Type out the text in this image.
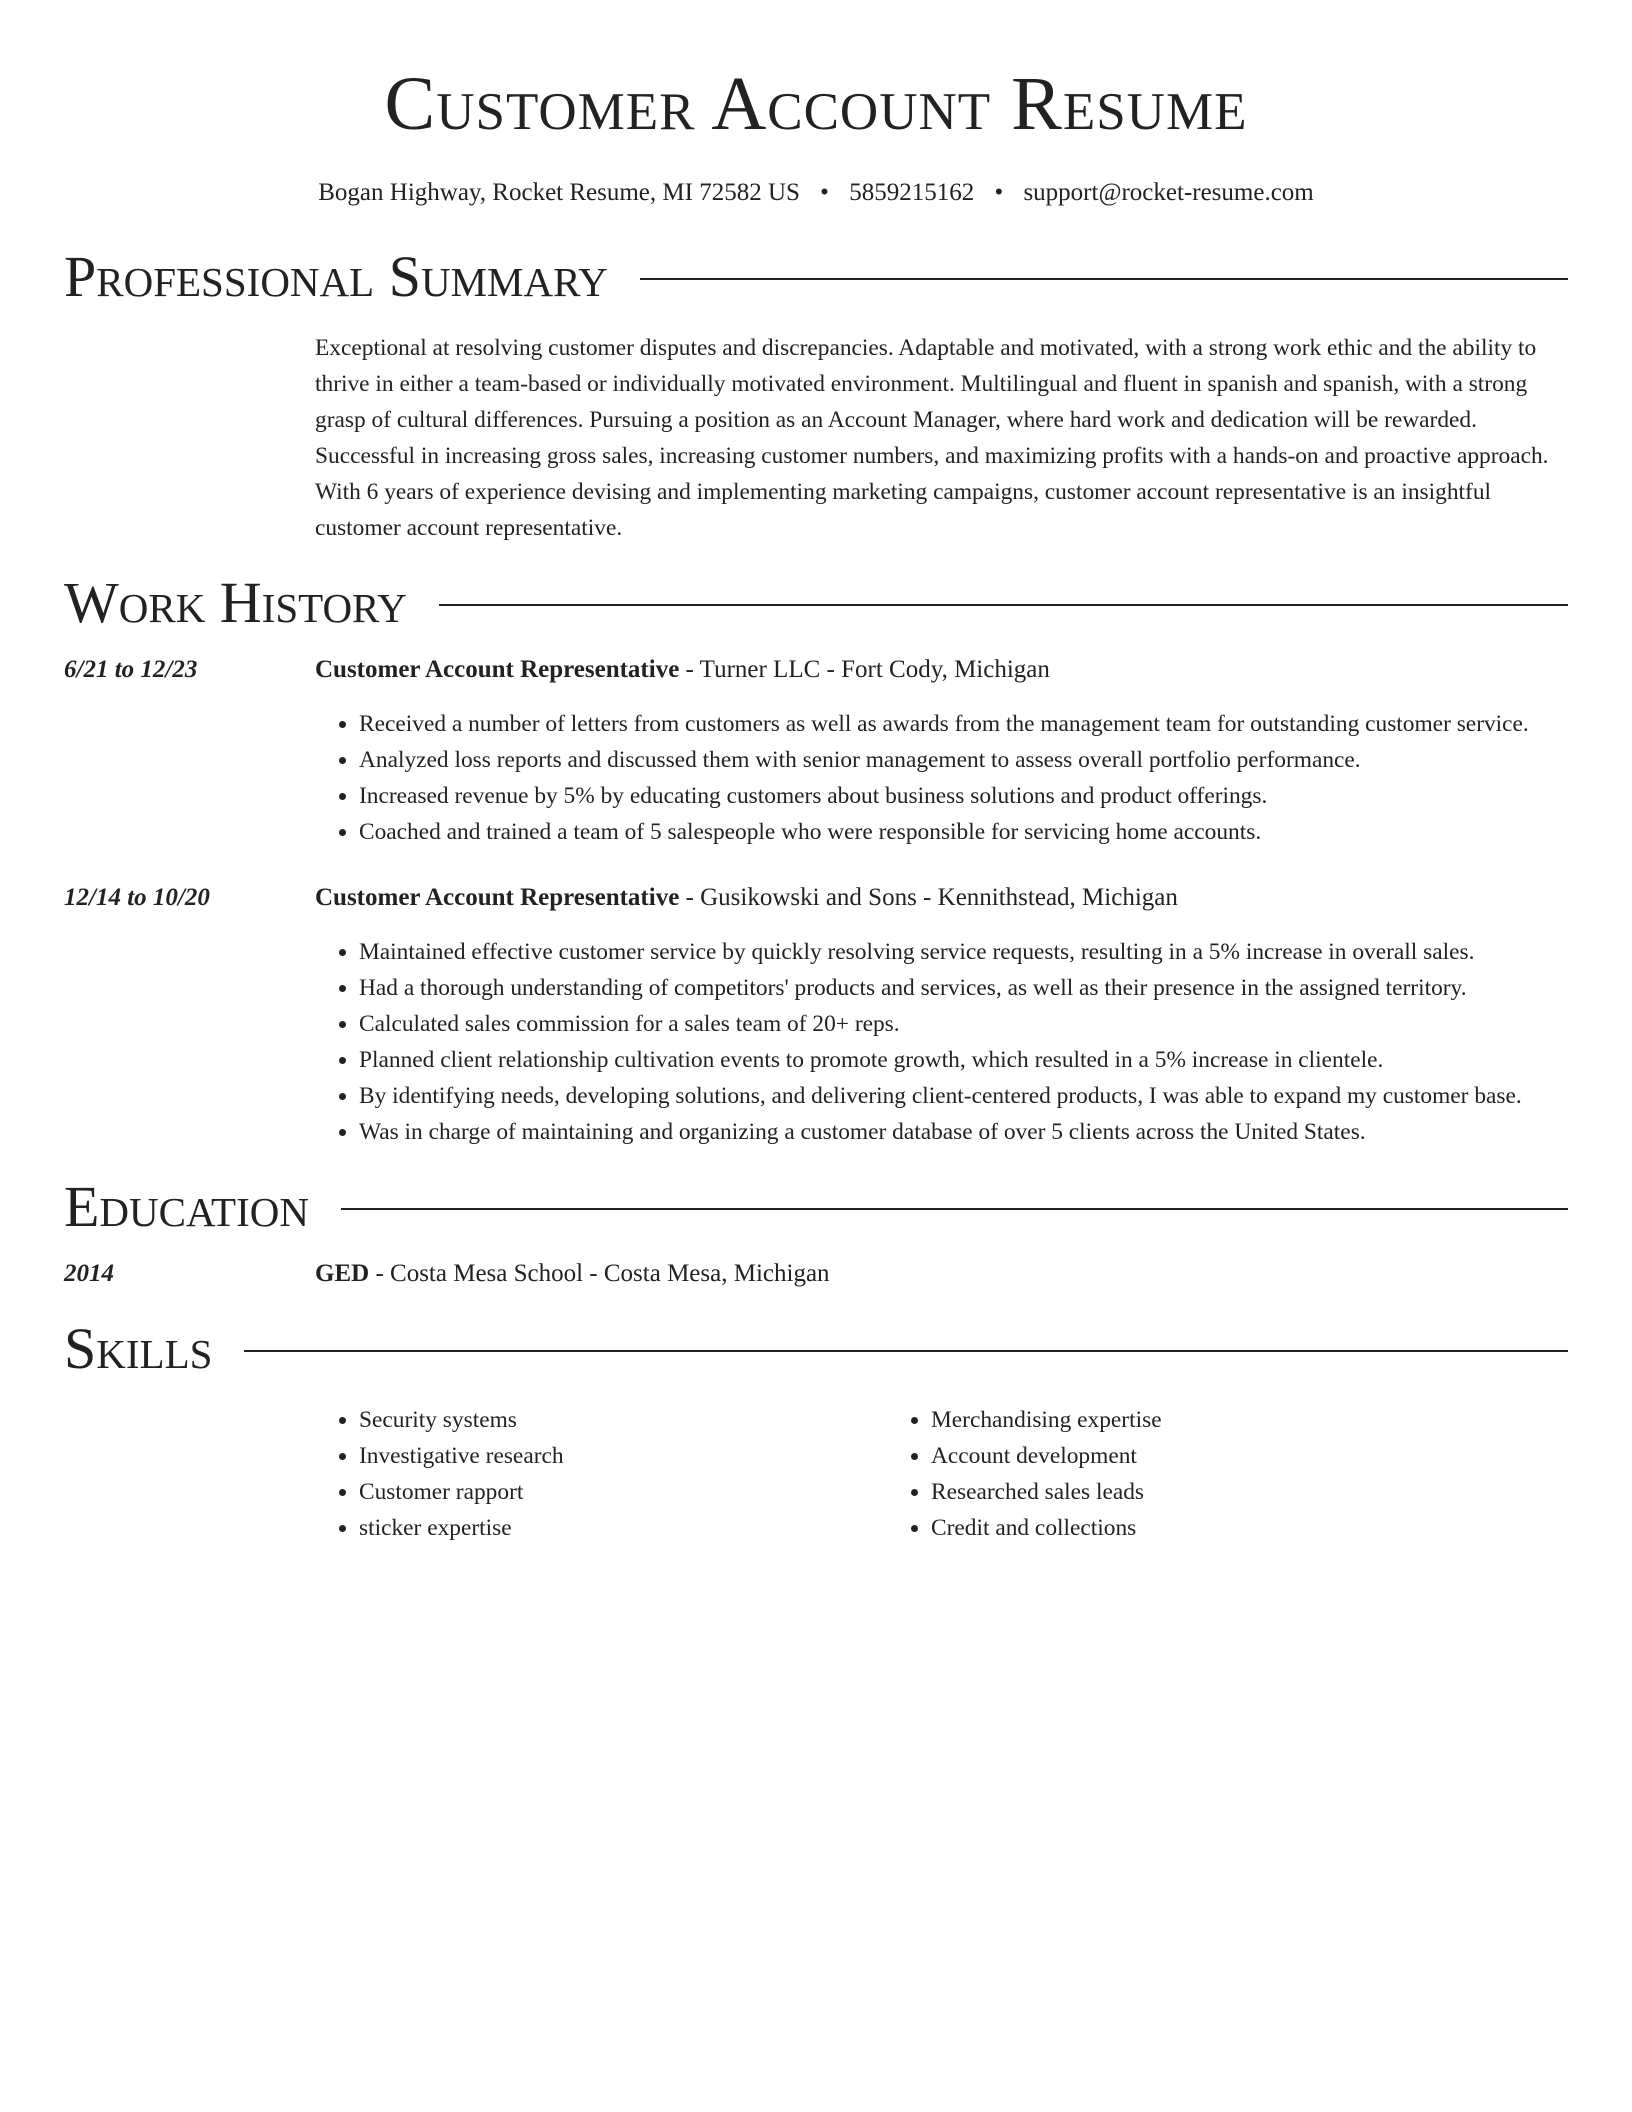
Customer Account Resume
Bogan Highway, Rocket Resume, MI 72582 US • 5859215162 • support@rocket-resume.com
Professional Summary

Exceptional at resolving customer disputes and discrepancies. Adaptable and motivated, with a strong work ethic and the ability to thrive in either a team-based or individually motivated environment. Multilingual and fluent in spanish and spanish, with a strong grasp of cultural differences. Pursuing a position as an Account Manager, where hard work and dedication will be rewarded. Successful in increasing gross sales, increasing customer numbers, and maximizing profits with a hands-on and proactive approach. With 6 years of experience devising and implementing marketing campaigns, customer account representative is an insightful customer account representative.

Work History
6/21 to 12/23	Customer Account Representative - Turner LLC - Fort Cody, Michigan
• Received a number of letters from customers as well as awards from the management team for outstanding customer service.
• Analyzed loss reports and discussed them with senior management to assess overall portfolio performance.
• Increased revenue by 5% by educating customers about business solutions and product offerings.
• Coached and trained a team of 5 salespeople who were responsible for servicing home accounts.
12/14 to 10/20	Customer Account Representative - Gusikowski and Sons - Kennithstead, Michigan
• Maintained effective customer service by quickly resolving service requests, resulting in a 5% increase in overall sales.
• Had a thorough understanding of competitors' products and services, as well as their presence in the assigned territory.
• Calculated sales commission for a sales team of 20+ reps.
• Planned client relationship cultivation events to promote growth, which resulted in a 5% increase in clientele.
• By identifying needs, developing solutions, and delivering client-centered products, I was able to expand my customer base.
• Was in charge of maintaining and organizing a customer database of over 5 clients across the United States.
Education
2014	GED - Costa Mesa School - Costa Mesa, Michigan
Skills
• Security systems
• Investigative research
• Customer rapport
• sticker expertise
• Merchandising expertise
• Account development
• Researched sales leads
• Credit and collections
